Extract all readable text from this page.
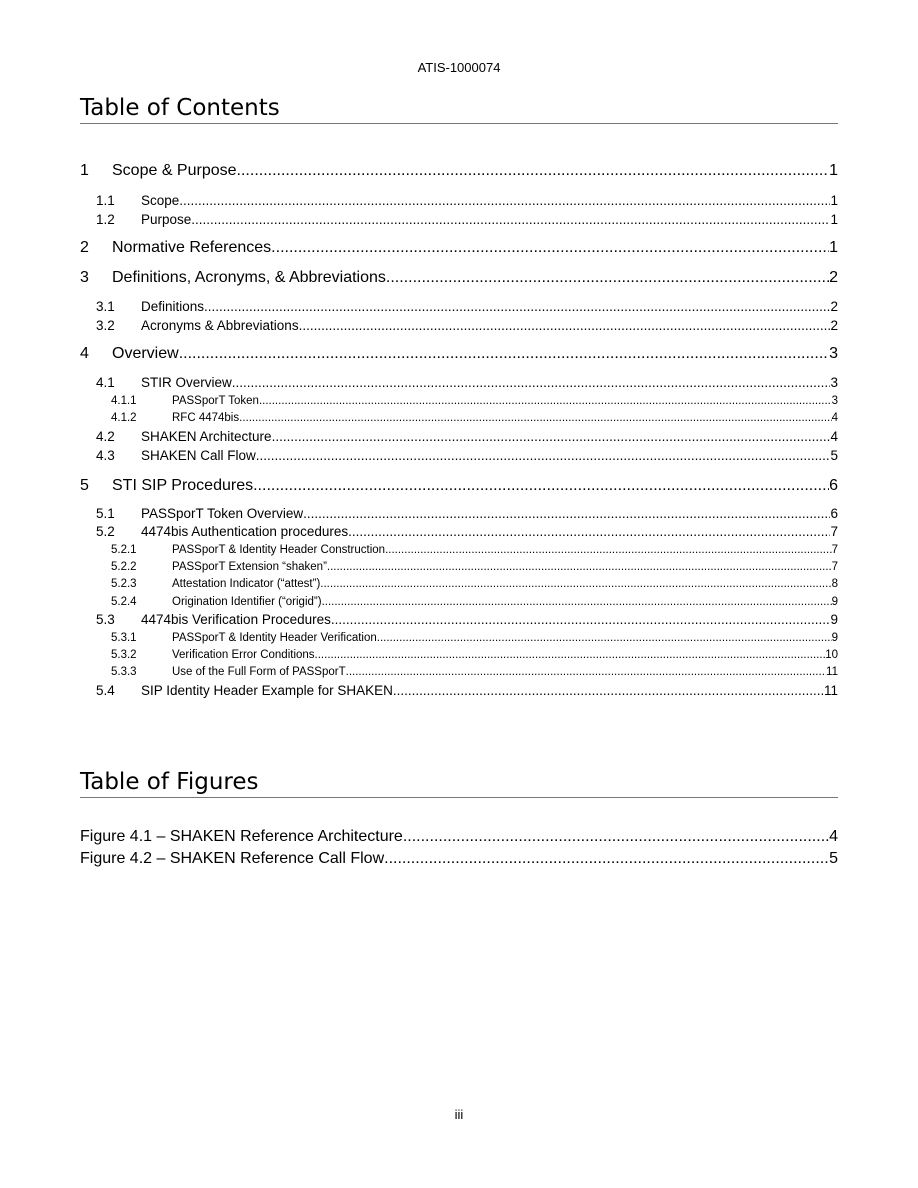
ATIS-1000074
Table of Contents
1	Scope & Purpose .....	1
1.1	Scope .....	1
1.2	Purpose .....	1
2	Normative References .....	1
3	Definitions, Acronyms, & Abbreviations .....	2
3.1	Definitions .....	2
3.2	Acronyms & Abbreviations .....	2
4	Overview .....	3
4.1	STIR Overview .....	3
4.1.1	PASSporT Token .....	3
4.1.2	RFC 4474bis .....	4
4.2	SHAKEN Architecture .....	4
4.3	SHAKEN Call Flow .....	5
5	STI SIP Procedures .....	6
5.1	PASSporT Token Overview .....	6
5.2	4474bis Authentication procedures .....	7
5.2.1	PASSporT & Identity Header Construction .....	7
5.2.2	PASSporT Extension “shaken” .....	7
5.2.3	Attestation Indicator (“attest”) .....	8
5.2.4	Origination Identifier (“origid”) .....	9
5.3	4474bis Verification Procedures .....	9
5.3.1	PASSporT & Identity Header Verification .....	9
5.3.2	Verification Error Conditions .....	10
5.3.3	Use of the Full Form of PASSporT .....	11
5.4	SIP Identity Header Example for SHAKEN .....	11
Table of Figures
Figure 4.1 – SHAKEN Reference Architecture .....	4
Figure 4.2 – SHAKEN Reference Call Flow .....	5
iii
